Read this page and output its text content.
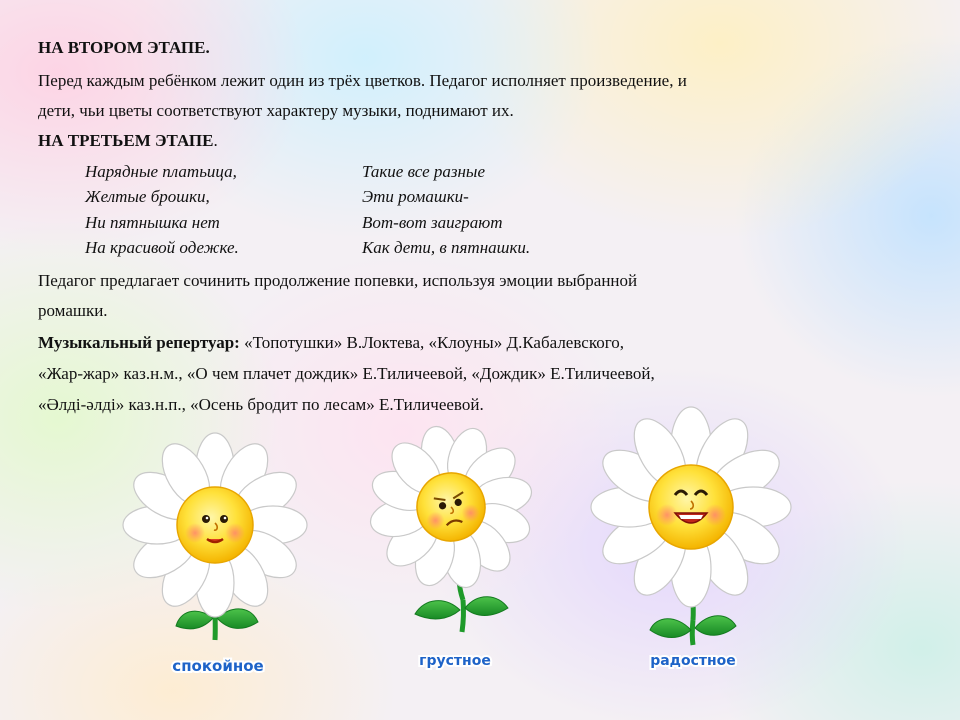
НА ВТОРОМ ЭТАПЕ.
Перед каждым ребёнком лежит один из трёх цветков. Педагог исполняет произведение, и
дети, чьи цветы соответствуют характеру музыки, поднимают их.
НА ТРЕТЬЕМ ЭТАПЕ.
Нарядные платьица,
Желтые брошки,
Ни пятнышка нет
На красивой одежке.
Такие все разные
Эти ромашки-
Вот-вот заиграют
Как дети, в пятнашки.
Педагог предлагает сочинить продолжение попевки, используя эмоции выбранной
ромашки.
Музыкальный репертуар: «Топотушки» В.Локтева, «Клоуны» Д.Кабалевского,
«Жар-жар» каз.н.м., «О чем плачет дождик» Е.Тиличеевой, «Дождик» Е.Тиличеевой,
«Әлді-әлді» каз.н.п., «Осень бродит по лесам» Е.Тиличеевой.
спокойное	грустное	радостное
